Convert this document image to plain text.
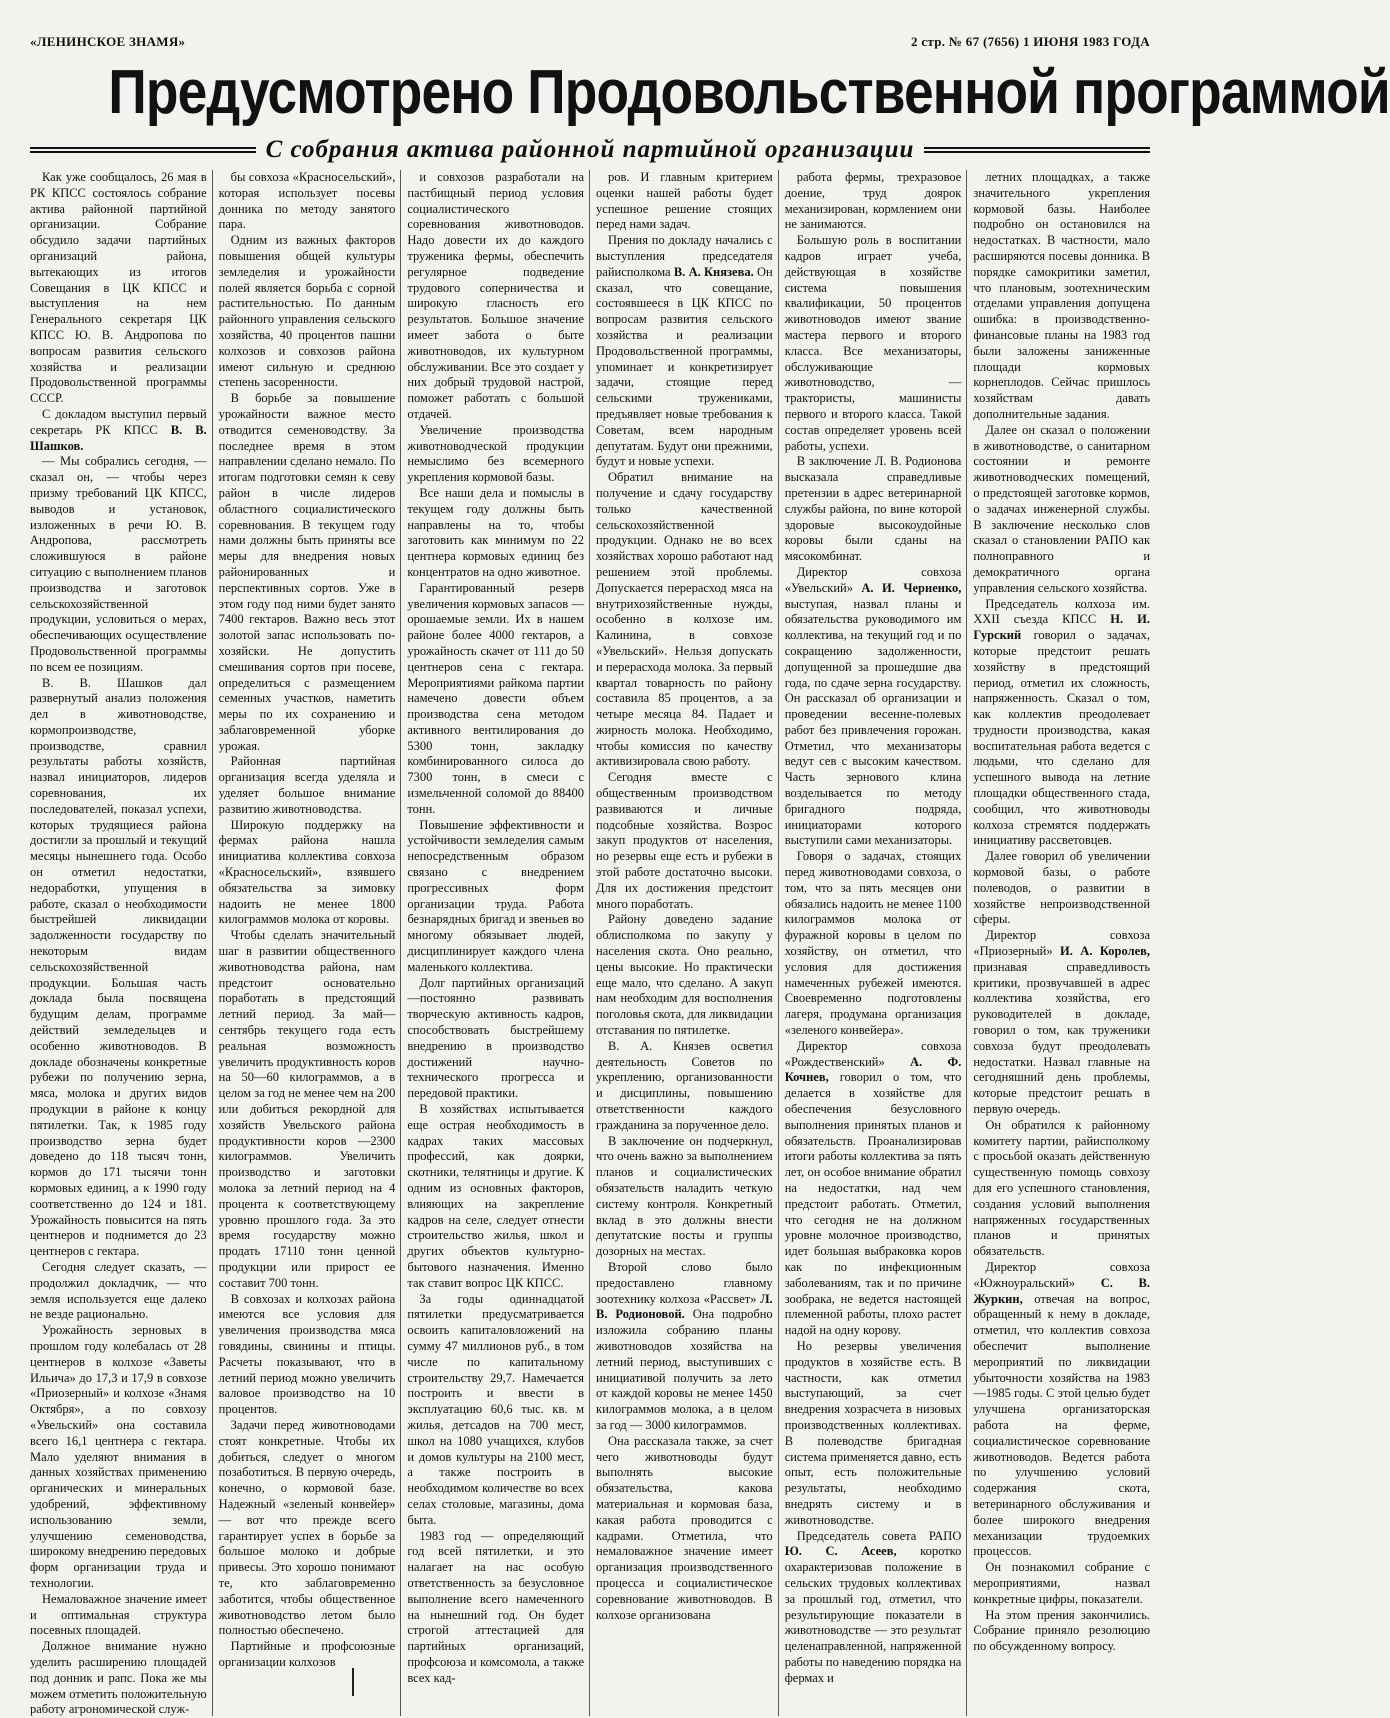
«ЛЕНИНСКОЕ ЗНАМЯ»	2 стр. № 67 (7656) 1 ИЮНЯ 1983 ГОДА
Предусмотрено Продовольственной программой
С собрания актива районной партийной организации

Как уже сообщалось, 26 мая в РК КПСС состоялось собрание актива районной партийной организации. Собрание обсудило задачи партийных организаций района, вытекающих из итогов Совещания в ЦК КПСС и выступления на нем Генерального секретаря ЦК КПСС Ю. В. Андропова по вопросам развития сельского хозяйства и реализации Продовольственной программы СССР.

С докладом выступил первый секретарь РК КПСС В. В. Шашков.

— Мы собрались сегодня, — сказал он, — чтобы через призму требований ЦК КПСС, выводов и установок, изложенных в речи Ю. В. Андропова, рассмотреть сложившуюся в районе ситуацию с выполнением планов производства и заготовок сельскохозяйственной продукции, условиться о мерах, обеспечивающих осуществление Продовольственной программы по всем ее позициям.

В. В. Шашков дал развернутый анализ положения дел в животноводстве, кормопроизводстве, производстве, сравнил результаты работы хозяйств, назвал инициаторов, лидеров соревнования, их последователей, показал успехи, которых трудящиеся района достигли за прошлый и текущий месяцы нынешнего года. Особо он отметил недостатки, недоработки, упущения в работе, сказал о необходимости быстрейшей ликвидации задолженности государству по некоторым видам сельскохозяйственной продукции. Большая часть доклада была посвящена будущим делам, программе действий земледельцев и особенно животноводов. В докладе обозначены конкретные рубежи по получению зерна, мяса, молока и других видов продукции в районе к концу пятилетки. Так, к 1985 году производство зерна будет доведено до 118 тысяч тонн, кормов до 171 тысячи тонн кормовых единиц, а к 1990 году соответственно до 124 и 181. Урожайность повысится на пять центнеров и поднимется до 23 центнеров с гектара.

Сегодня следует сказать, — продолжил докладчик, — что земля используется еще далеко не везде рационально.

Урожайность зерновых в прошлом году колебалась от 28 центнеров в колхозе «Заветы Ильича» до 17,3 и 17,9 в совхозе «Приозерный» и колхозе «Знамя Октября», а по совхозу «Увельский» она составила всего 16,1 центнера с гектара. Мало уделяют внимания в данных хозяйствах применению органических и минеральных удобрений, эффективному использованию земли, улучшению семеноводства, широкому внедрению передовых форм организации труда и технологии.

Немаловажное значение имеет и оптимальная структура посевных площадей.

Должное внимание нужно уделить расширению площадей под донник и рапс. Пока же мы можем отметить положительную работу агрономической служ-

бы совхоза «Красносельский», которая использует посевы донника по методу занятого пара.

Одним из важных факторов повышения общей культуры земледелия и урожайности полей является борьба с сорной растительностью. По данным районного управления сельского хозяйства, 40 процентов пашни колхозов и совхозов района имеют сильную и среднюю степень засоренности.

В борьбе за повышение урожайности важное место отводится семеноводству. За последнее время в этом направлении сделано немало. По итогам подготовки семян к севу район в числе лидеров областного социалистического соревнования. В текущем году нами должны быть приняты все меры для внедрения новых районированных и перспективных сортов. Уже в этом году под ними будет занято 7400 гектаров. Важно весь этот золотой запас использовать по-хозяйски. Не допустить смешивания сортов при посеве, определиться с размещением семенных участков, наметить меры по их сохранению и заблаговременной уборке урожая.

Районная партийная организация всегда уделяла и уделяет большое внимание развитию животноводства.

Широкую поддержку на фермах района нашла инициатива коллектива совхоза «Красносельский», взявшего обязательства за зимовку надоить не менее 1800 килограммов молока от коровы.

Чтобы сделать значительный шаг в развитии общественного животноводства района, нам предстоит основательно поработать в предстоящий летний период. За май—сентябрь текущего года есть реальная возможность увеличить продуктивность коров на 50—60 килограммов, а в целом за год не менее чем на 200 или добиться рекордной для хозяйств Увельского района продуктивности коров —2300 килограммов. Увеличить производство и заготовки молока за летний период на 4 процента к соответствующему уровню прошлого года. За это время государству можно продать 17110 тонн ценной продукции или прирост ее составит 700 тонн.

В совхозах и колхозах района имеются все условия для увеличения производства мяса говядины, свинины и птицы. Расчеты показывают, что в летний период можно увеличить валовое производство на 10 процентов.

Задачи перед животноводами стоят конкретные. Чтобы их добиться, следует о многом позаботиться. В первую очередь, конечно, о кормовой базе. Надежный «зеленый конвейер» — вот что прежде всего гарантирует успех в борьбе за большое молоко и добрые привесы. Это хорошо понимают те, кто заблаговременно заботится, чтобы общественное животноводство летом было полностью обеспечено.

Партийные и профсоюзные организации колхозов

и совхозов разработали на пастбищный период условия социалистического соревнования животноводов. Надо довести их до каждого труженика фермы, обеспечить регулярное подведение трудового соперничества и широкую гласность его результатов. Большое значение имеет забота о быте животноводов, их культурном обслуживании. Все это создает у них добрый трудовой настрой, поможет работать с большой отдачей.

Увеличение производства животноводческой продукции немыслимо без всемерного укрепления кормовой базы.

Все наши дела и помыслы в текущем году должны быть направлены на то, чтобы заготовить как минимум по 22 центнера кормовых единиц без концентратов на одно животное.

Гарантированный резерв увеличения кормовых запасов — орошаемые земли. Их в нашем районе более 4000 гектаров, а урожайность скачет от 111 до 50 центнеров сена с гектара. Мероприятиями райкома партии намечено довести объем производства сена методом активного вентилирования до 5300 тонн, закладку комбинированного силоса до 7300 тонн, в смеси с измельченной соломой до 88400 тонн.

Повышение эффективности и устойчивости земледелия самым непосредственным образом связано с внедрением прогрессивных форм организации труда. Работа безнарядных бригад и звеньев во многому обязывает людей, дисциплинирует каждого члена маленького коллектива.

Долг партийных организаций—постоянно развивать творческую активность кадров, способствовать быстрейшему внедрению в производство достижений научно-технического прогресса и передовой практики.

В хозяйствах испытывается еще острая необходимость в кадрах таких массовых профессий, как доярки, скотники, телятницы и другие. К одним из основных факторов, влияющих на закрепление кадров на селе, следует отнести строительство жилья, школ и других объектов культурно-бытового назначения. Именно так ставит вопрос ЦК КПСС.

За годы одиннадцатой пятилетки предусматривается освоить капиталовложений на сумму 47 миллионов руб., в том числе по капитальному строительству 29,7. Намечается построить и ввести в эксплуатацию 60,6 тыс. кв. м жилья, детсадов на 700 мест, школ на 1080 учащихся, клубов и домов культуры на 2100 мест, а также построить в необходимом количестве во всех селах столовые, магазины, дома быта.

1983 год — определяющий год всей пятилетки, и это налагает на нас особую ответственность за безусловное выполнение всего намеченного на нынешний год. Он будет строгой аттестацией для партийных организаций, профсоюза и комсомола, а также всех кад-

ров. И главным критерием оценки нашей работы будет успешное решение стоящих перед нами задач.

Прения по докладу начались с выступления председателя райисполкома В. А. Князева. Он сказал, что совещание, состоявшееся в ЦК КПСС по вопросам развития сельского хозяйства и реализации Продовольственной программы, упоминает и конкретизирует задачи, стоящие перед сельскими тружениками, предъявляет новые требования к Советам, всем народным депутатам. Будут они прежними, будут и новые успехи.

Обратил внимание на получение и сдачу государству только качественной сельскохозяйственной продукции. Однако не во всех хозяйствах хорошо работают над решением этой проблемы. Допускается перерасход мяса на внутрихозяйственные нужды, особенно в колхозе им. Калинина, в совхозе «Увельский». Нельзя допускать и перерасхода молока. За первый квартал товарность по району составила 85 процентов, а за четыре месяца 84. Падает и жирность молока. Необходимо, чтобы комиссия по качеству активизировала свою работу.

Сегодня вместе с общественным производством развиваются и личные подсобные хозяйства. Возрос закуп продуктов от населения, но резервы еще есть и рубежи в этой работе достаточно высоки. Для их достижения предстоит много поработать.

Району доведено задание облисполкома по закупу у населения скота. Оно реально, цены высокие. Но практически еще мало, что сделано. А закуп нам необходим для восполнения поголовья скота, для ликвидации отставания по пятилетке.

В. А. Князев осветил деятельность Советов по укреплению, организованности и дисциплины, повышению ответственности каждого гражданина за порученное дело.

В заключение он подчеркнул, что очень важно за выполнением планов и социалистических обязательств наладить четкую систему контроля. Конкретный вклад в это должны внести депутатские посты и группы дозорных на местах.

Второй слово было предоставлено главному зоотехнику колхоза «Рассвет» Л. В. Родионовой. Она подробно изложила собранию планы животноводов хозяйства на летний период, выступивших с инициативой получить за лето от каждой коровы не менее 1450 килограммов молока, а в целом за год — 3000 килограммов.

Она рассказала также, за счет чего животноводы будут выполнять высокие обязательства, какова материальная и кормовая база, какая работа проводится с кадрами. Отметила, что немаловажное значение имеет организация производственного процесса и социалистическое соревнование животноводов. В колхозе организована

работа фермы, трехразовое доение, труд доярок механизирован, кормлением они не занимаются.

Большую роль в воспитании кадров играет учеба, действующая в хозяйстве система повышения квалификации, 50 процентов животноводов имеют звание мастера первого и второго класса. Все механизаторы, обслуживающие животноводство, — трактористы, машинисты первого и второго класса. Такой состав определяет уровень всей работы, успехи.

В заключение Л. В. Родионова высказала справедливые претензии в адрес ветеринарной службы района, по вине которой здоровые высокоудойные коровы были сданы на мясокомбинат.

Директор совхоза «Увельский» А. И. Черненко, выступая, назвал планы и обязательства руководимого им коллектива, на текущий год и по сокращению задолженности, допущенной за прошедшие два года, по сдаче зерна государству. Он рассказал об организации и проведении весенне-полевых работ без привлечения горожан. Отметил, что механизаторы ведут сев с высоким качеством. Часть зернового клина возделывается по методу бригадного подряда, инициаторами которого выступили сами механизаторы.

Говоря о задачах, стоящих перед животноводами совхоза, о том, что за пять месяцев они обязались надоить не менее 1100 килограммов молока от фуражной коровы в целом по хозяйству, он отметил, что условия для достижения намеченных рубежей имеются. Своевременно подготовлены лагеря, продумана организация «зеленого конвейера».

Директор совхоза «Рождественский» А. Ф. Кочнев, говорил о том, что делается в хозяйстве для обеспечения безусловного выполнения принятых планов и обязательств. Проанализировав итоги работы коллектива за пять лет, он особое внимание обратил на недостатки, над чем предстоит работать. Отметил, что сегодня не на должном уровне молочное производство, идет большая выбраковка коров как по инфекционным заболеваниям, так и по причине зообрака, не ведется настоящей племенной работы, плохо растет надой на одну корову.

Но резервы увеличения продуктов в хозяйстве есть. В частности, как отметил выступающий, за счет внедрения хозрасчета в низовых производственных коллективах. В полеводстве бригадная система применяется давно, есть опыт, есть положительные результаты, необходимо внедрять систему и в животноводстве.

Председатель совета РАПО Ю. С. Асеев, коротко охарактеризовав положение в сельских трудовых коллективах за прошлый год, отметил, что результирующие показатели в животноводстве — это результат целенаправленной, напряженной работы по наведению порядка на фермах и

летних площадках, а также значительного укрепления кормовой базы. Наиболее подробно он остановился на недостатках. В частности, мало расширяются посевы донника. В порядке самокритики заметил, что плановым, зоотехническим отделами управления допущена ошибка: в производственно-финансовые планы на 1983 год были заложены заниженные площади кормовых корнеплодов. Сейчас пришлось хозяйствам давать дополнительные задания.

Далее он сказал о положении в животноводстве, о санитарном состоянии и ремонте животноводческих помещений, о предстоящей заготовке кормов, о задачах инженерной службы. В заключение несколько слов сказал о становлении РАПО как полноправного и демократичного органа управления сельского хозяйства.

Председатель колхоза им. XXII съезда КПСС Н. И. Гурский говорил о задачах, которые предстоит решать хозяйству в предстоящий период, отметил их сложность, напряженность. Сказал о том, как коллектив преодолевает трудности производства, какая воспитательная работа ведется с людьми, что сделано для успешного вывода на летние площадки общественного стада, сообщил, что животноводы колхоза стремятся поддержать инициативу рассветовцев.

Далее говорил об увеличении кормовой базы, о работе полеводов, о развитии в хозяйстве непроизводственной сферы.

Директор совхоза «Приозерный» И. А. Королев, признавая справедливость критики, прозвучавшей в адрес коллектива хозяйства, его руководителей в докладе, говорил о том, как труженики совхоза будут преодолевать недостатки. Назвал главные на сегодняшний день проблемы, которые предстоит решать в первую очередь.

Он обратился к районному комитету партии, райисполкому с просьбой оказать действенную существенную помощь совхозу для его успешного становления, создания условий выполнения напряженных государственных планов и принятых обязательств.

Директор совхоза «Южноуральский» С. В. Журкин, отвечая на вопрос, обращенный к нему в докладе, отметил, что коллектив совхоза обеспечит выполнение мероприятий по ликвидации убыточности хозяйства на 1983—1985 годы. С этой целью будет улучшена организаторская работа на ферме, социалистическое соревнование животноводов. Ведется работа по улучшению условий содержания скота, ветеринарного обслуживания и более широкого внедрения механизации трудоемких процессов.

Он познакомил собрание с мероприятиями, назвал конкретные цифры, показатели.

На этом прения закончились. Собрание приняло резолюцию по обсужденному вопросу.
